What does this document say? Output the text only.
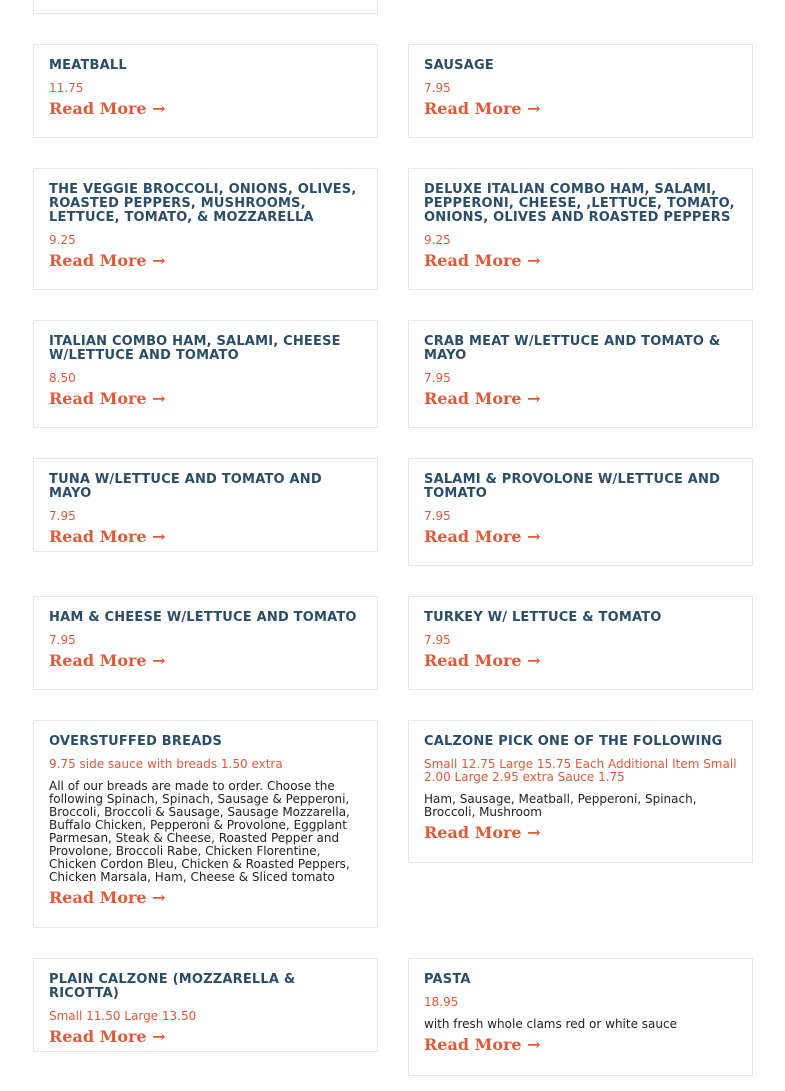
MEATBALL
11.75
Read More →
SAUSAGE
7.95
Read More →
THE VEGGIE BROCCOLI, ONIONS, OLIVES, ROASTED PEPPERS, MUSHROOMS, LETTUCE, TOMATO, & MOZZARELLA
9.25
Read More →
DELUXE ITALIAN COMBO HAM, SALAMI, PEPPERONI, CHEESE, ,LETTUCE, TOMATO, ONIONS, OLIVES AND ROASTED PEPPERS
9.25
Read More →
ITALIAN COMBO HAM, SALAMI, CHEESE W/LETTUCE AND TOMATO
8.50
Read More →
CRAB MEAT W/LETTUCE AND TOMATO & MAYO
7.95
Read More →
TUNA W/LETTUCE AND TOMATO AND MAYO
7.95
Read More →
SALAMI & PROVOLONE W/LETTUCE AND TOMATO
7.95
Read More →
HAM & CHEESE W/LETTUCE AND TOMATO
7.95
Read More →
TURKEY W/ LETTUCE & TOMATO
7.95
Read More →
OVERSTUFFED BREADS
9.75 side sauce with breads 1.50 extra
All of our breads are made to order. Choose the following Spinach, Spinach, Sausage & Pepperoni, Broccoli, Broccoli & Sausage, Sausage Mozzarella, Buffalo Chicken, Pepperoni & Provolone, Eggplant Parmesan, Steak & Cheese, Roasted Pepper and Provolone, Broccoli Rabe, Chicken Florentine, Chicken Cordon Bleu, Chicken & Roasted Peppers, Chicken Marsala, Ham, Cheese & Sliced tomato
Read More →
CALZONE PICK ONE OF THE FOLLOWING
Small 12.75 Large 15.75 Each Additional Item Small 2.00 Large 2.95 extra Sauce 1.75
Ham, Sausage, Meatball, Pepperoni, Spinach, Broccoli, Mushroom
Read More →
PLAIN CALZONE (MOZZARELLA & RICOTTA)
Small 11.50 Large 13.50
Read More →
PASTA
18.95
with fresh whole clams red or white sauce
Read More →
